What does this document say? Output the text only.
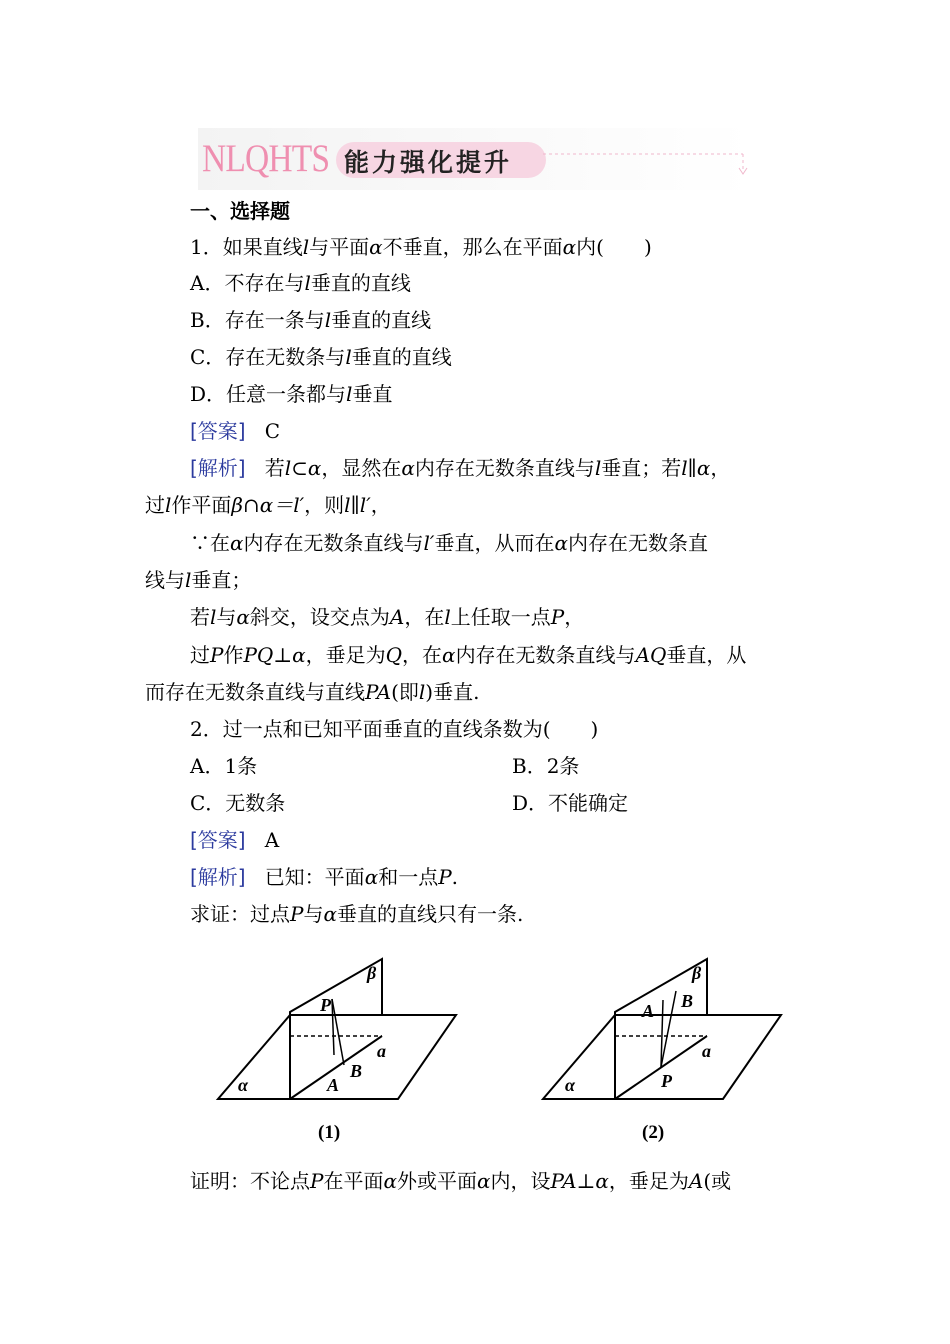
NLQHTS 能力强化提升
一、选择题
1．如果直线l与平面α不垂直，那么在平面α内(　　)
A．不存在与l垂直的直线
B．存在一条与l垂直的直线
C．存在无数条与l垂直的直线
D．任意一条都与l垂直
[答案] C
[解析] 若l⊂α，显然在α内存在无数条直线与l垂直；若l∥α，
过l作平面β∩α＝l′，则l∥l′，
∵在α内存在无数条直线与l′垂直，从而在α内存在无数条直
线与l垂直；
若l与α斜交，设交点为A，在l上任取一点P，
过P作PQ⊥α，垂足为Q，在α内存在无数条直线与AQ垂直，从
而存在无数条直线与直线PA(即l)垂直.
2．过一点和已知平面垂直的直线条数为(　　)
A．1条	B．2条
C．无数条	D．不能确定
[答案] A
[解析] 已知：平面α和一点P.
求证：过点P与α垂直的直线只有一条.
β
P
a
B
A
α
(1)
β
A B
a
P
α
(2)
证明：不论点P在平面α外或平面α内，设PA⊥α，垂足为A(或
